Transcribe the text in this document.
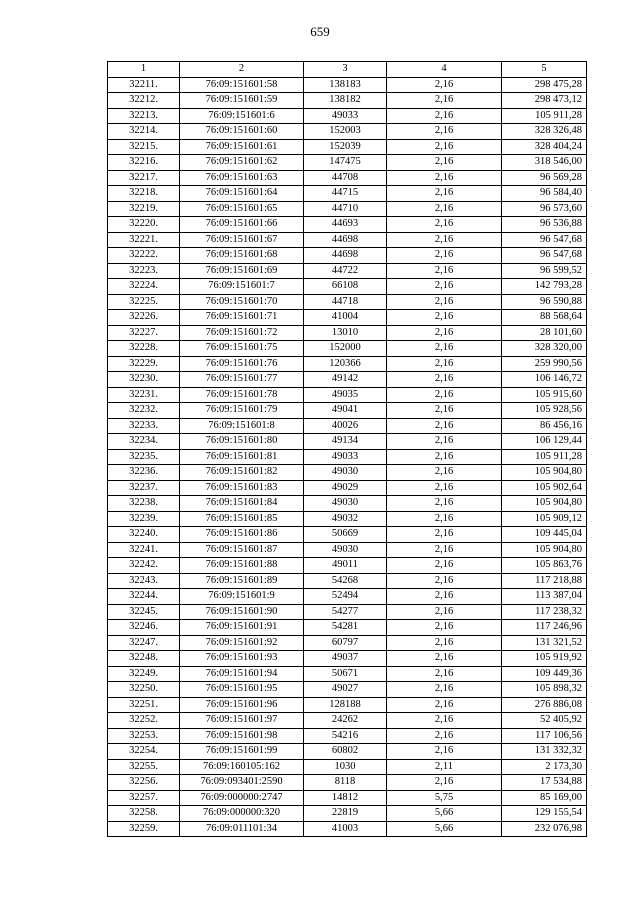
659
1	2	3	4	5
32211.	76:09:151601:58	138183	2,16	298 475,28
32212.	76:09:151601:59	138182	2,16	298 473,12
32213.	76:09:151601:6	49033	2,16	105 911,28
32214.	76:09:151601:60	152003	2,16	328 326,48
32215.	76:09:151601:61	152039	2,16	328 404,24
32216.	76:09:151601:62	147475	2,16	318 546,00
32217.	76:09:151601:63	44708	2,16	96 569,28
32218.	76:09:151601:64	44715	2,16	96 584,40
32219.	76:09:151601:65	44710	2,16	96 573,60
32220.	76:09:151601:66	44693	2,16	96 536,88
32221.	76:09:151601:67	44698	2,16	96 547,68
32222.	76:09:151601:68	44698	2,16	96 547,68
32223.	76:09:151601:69	44722	2,16	96 599,52
32224.	76:09:151601:7	66108	2,16	142 793,28
32225.	76:09:151601:70	44718	2,16	96 590,88
32226.	76:09:151601:71	41004	2,16	88 568,64
32227.	76:09:151601:72	13010	2,16	28 101,60
32228.	76:09:151601:75	152000	2,16	328 320,00
32229.	76:09:151601:76	120366	2,16	259 990,56
32230.	76:09:151601:77	49142	2,16	106 146,72
32231.	76:09:151601:78	49035	2,16	105 915,60
32232.	76:09:151601:79	49041	2,16	105 928,56
32233.	76:09:151601:8	40026	2,16	86 456,16
32234.	76:09:151601:80	49134	2,16	106 129,44
32235.	76:09:151601:81	49033	2,16	105 911,28
32236.	76:09:151601:82	49030	2,16	105 904,80
32237.	76:09:151601:83	49029	2,16	105 902,64
32238.	76:09:151601:84	49030	2,16	105 904,80
32239.	76:09:151601:85	49032	2,16	105 909,12
32240.	76:09:151601:86	50669	2,16	109 445,04
32241.	76:09:151601:87	49030	2,16	105 904,80
32242.	76:09:151601:88	49011	2,16	105 863,76
32243.	76:09:151601:89	54268	2,16	117 218,88
32244.	76:09:151601:9	52494	2,16	113 387,04
32245.	76:09:151601:90	54277	2,16	117 238,32
32246.	76:09:151601:91	54281	2,16	117 246,96
32247.	76:09:151601:92	60797	2,16	131 321,52
32248.	76:09:151601:93	49037	2,16	105 919,92
32249.	76:09:151601:94	50671	2,16	109 449,36
32250.	76:09:151601:95	49027	2,16	105 898,32
32251.	76:09:151601:96	128188	2,16	276 886,08
32252.	76:09:151601:97	24262	2,16	52 405,92
32253.	76:09:151601:98	54216	2,16	117 106,56
32254.	76:09:151601:99	60802	2,16	131 332,32
32255.	76:09:160105:162	1030	2,11	2 173,30
32256.	76:09:093401:2590	8118	2,16	17 534,88
32257.	76:09:000000:2747	14812	5,75	85 169,00
32258.	76:09:000000:320	22819	5,66	129 155,54
32259.	76:09:011101:34	41003	5,66	232 076,98
